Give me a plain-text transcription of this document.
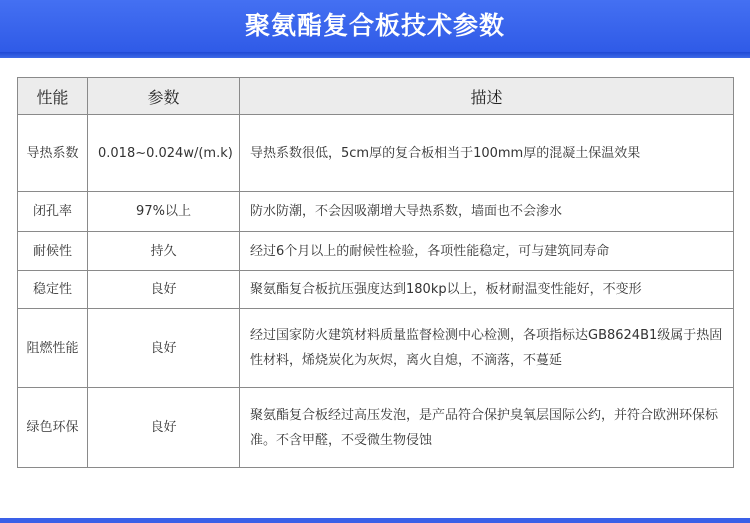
聚氨酯复合板技术参数
性能	参数	描述
导热系数	0.018~0.024w/(m.k)	导热系数很低，5cm厚的复合板相当于100mm厚的混凝土保温效果
闭孔率	97%以上	防水防潮，不会因吸潮增大导热系数，墙面也不会渗水
耐候性	持久	经过6个月以上的耐候性检验，各项性能稳定，可与建筑同寿命
稳定性	良好	聚氨酯复合板抗压强度达到180kp以上，板材耐温变性能好，不变形
阻燃性能	良好	经过国家防火建筑材料质量监督检测中心检测，各项指标达GB8624B1级属于热固性材料，烯烧炭化为灰烬，离火自熄，不滴落，不蔓延
绿色环保	良好	聚氨酯复合板经过高压发泡，是产品符合保护臭氧层国际公约，并符合欧洲环保标准。不含甲醛，不受微生物侵蚀
